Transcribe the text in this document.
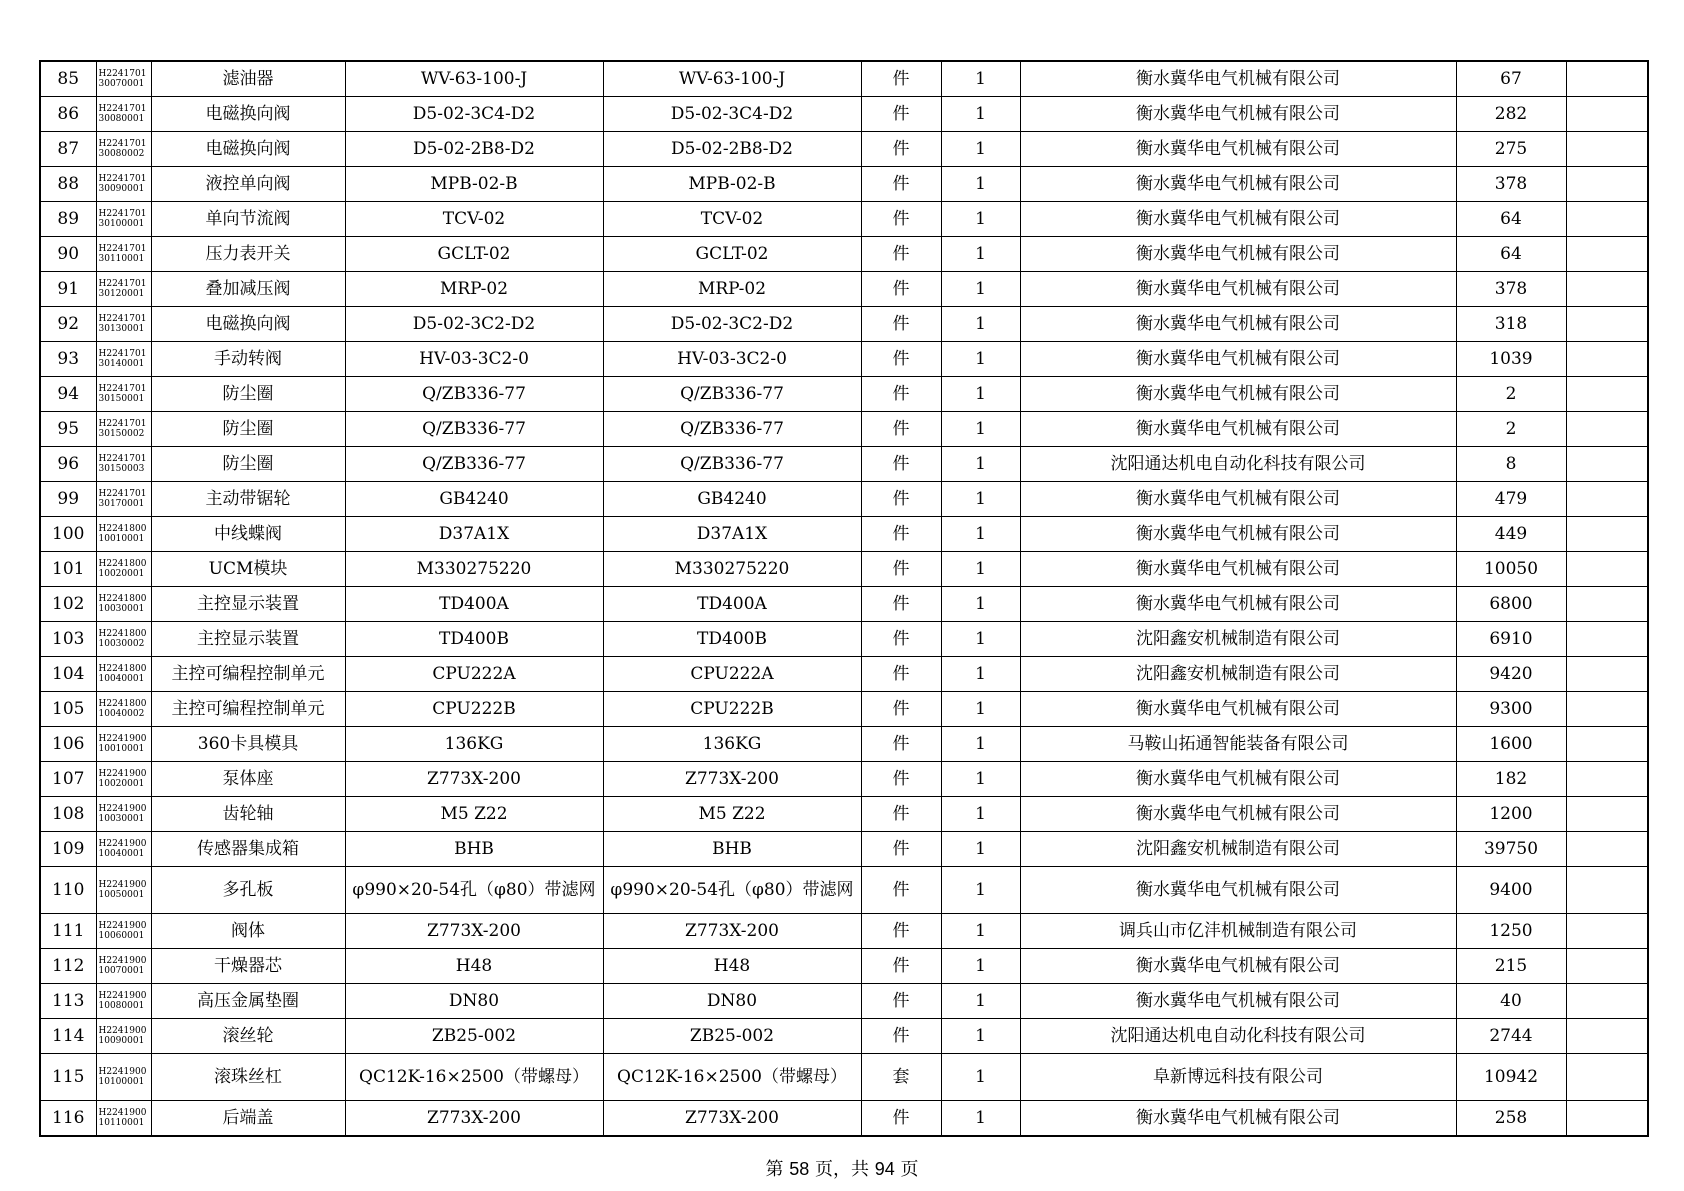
85	H2241701 30070001	滤油器	WV-63-100-J	WV-63-100-J	件	1	衡水冀华电气机械有限公司	67	
86	H2241701 30080001	电磁换向阀	D5-02-3C4-D2	D5-02-3C4-D2	件	1	衡水冀华电气机械有限公司	282	
87	H2241701 30080002	电磁换向阀	D5-02-2B8-D2	D5-02-2B8-D2	件	1	衡水冀华电气机械有限公司	275	
88	H2241701 30090001	液控单向阀	MPB-02-B	MPB-02-B	件	1	衡水冀华电气机械有限公司	378	
89	H2241701 30100001	单向节流阀	TCV-02	TCV-02	件	1	衡水冀华电气机械有限公司	64	
90	H2241701 30110001	压力表开关	GCLT-02	GCLT-02	件	1	衡水冀华电气机械有限公司	64	
91	H2241701 30120001	叠加减压阀	MRP-02	MRP-02	件	1	衡水冀华电气机械有限公司	378	
92	H2241701 30130001	电磁换向阀	D5-02-3C2-D2	D5-02-3C2-D2	件	1	衡水冀华电气机械有限公司	318	
93	H2241701 30140001	手动转阀	HV-03-3C2-0	HV-03-3C2-0	件	1	衡水冀华电气机械有限公司	1039	
94	H2241701 30150001	防尘圈	Q/ZB336-77	Q/ZB336-77	件	1	衡水冀华电气机械有限公司	2	
95	H2241701 30150002	防尘圈	Q/ZB336-77	Q/ZB336-77	件	1	衡水冀华电气机械有限公司	2	
96	H2241701 30150003	防尘圈	Q/ZB336-77	Q/ZB336-77	件	1	沈阳通达机电自动化科技有限公司	8	
99	H2241701 30170001	主动带锯轮	GB4240	GB4240	件	1	衡水冀华电气机械有限公司	479	
100	H2241800 10010001	中线蝶阀	D37A1X	D37A1X	件	1	衡水冀华电气机械有限公司	449	
101	H2241800 10020001	UCM模块	M330275220	M330275220	件	1	衡水冀华电气机械有限公司	10050	
102	H2241800 10030001	主控显示装置	TD400A	TD400A	件	1	衡水冀华电气机械有限公司	6800	
103	H2241800 10030002	主控显示装置	TD400B	TD400B	件	1	沈阳鑫安机械制造有限公司	6910	
104	H2241800 10040001	主控可编程控制单元	CPU222A	CPU222A	件	1	沈阳鑫安机械制造有限公司	9420	
105	H2241800 10040002	主控可编程控制单元	CPU222B	CPU222B	件	1	衡水冀华电气机械有限公司	9300	
106	H2241900 10010001	360卡具模具	136KG	136KG	件	1	马鞍山拓通智能装备有限公司	1600	
107	H2241900 10020001	泵体座	Z773X-200	Z773X-200	件	1	衡水冀华电气机械有限公司	182	
108	H2241900 10030001	齿轮轴	M5 Z22	M5 Z22	件	1	衡水冀华电气机械有限公司	1200	
109	H2241900 10040001	传感器集成箱	BHB	BHB	件	1	沈阳鑫安机械制造有限公司	39750	
110	H2241900 10050001	多孔板	φ990×20-54孔（φ80）带滤网	φ990×20-54孔（φ80）带滤网	件	1	衡水冀华电气机械有限公司	9400	
111	H2241900 10060001	阀体	Z773X-200	Z773X-200	件	1	调兵山市亿沣机械制造有限公司	1250	
112	H2241900 10070001	干燥器芯	H48	H48	件	1	衡水冀华电气机械有限公司	215	
113	H2241900 10080001	高压金属垫圈	DN80	DN80	件	1	衡水冀华电气机械有限公司	40	
114	H2241900 10090001	滚丝轮	ZB25-002	ZB25-002	件	1	沈阳通达机电自动化科技有限公司	2744	
115	H2241900 10100001	滚珠丝杠	QC12K-16×2500（带螺母）	QC12K-16×2500（带螺母）	套	1	阜新博远科技有限公司	10942	
116	H2241900 10110001	后端盖	Z773X-200	Z773X-200	件	1	衡水冀华电气机械有限公司	258	
第 58 页，共 94 页
